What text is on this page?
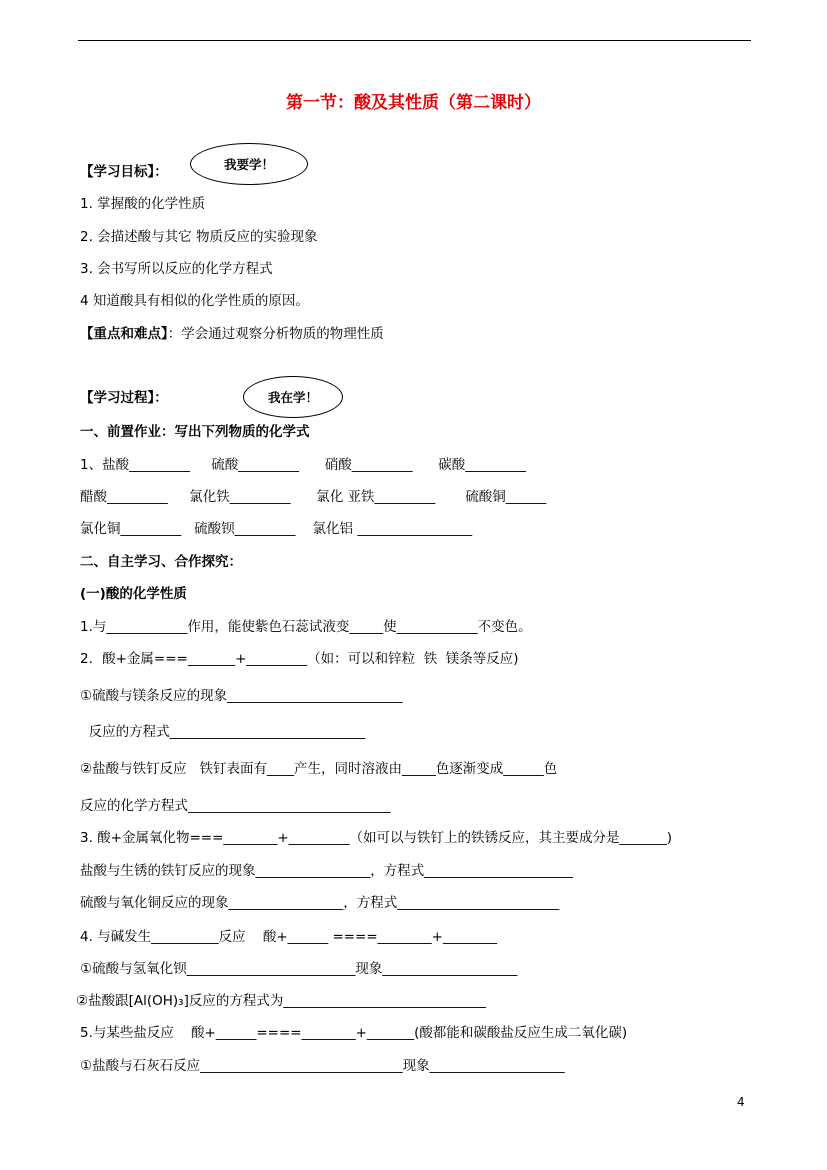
第一节：酸及其性质（第二课时）
【学习目标】：	我要学！
1. 掌握酸的化学性质
2. 会描述酸与其它 物质反应的实验现象
3. 会书写所以反应的化学方程式
4 知道酸具有相似的化学性质的原因。
【重点和难点】：学会通过观察分析物质的物理性质
【学习过程】：	我在学！
一、前置作业：写出下列物质的化学式
1、盐酸_________     硫酸_________      硝酸_________      碳酸_________
醋酸_________     氯化铁_________      氯化 亚铁_________       硫酸铜______
氯化铜_________   硫酸钡_________    氯化铝 _________________
二、自主学习、合作探究：
(一)酸的化学性质
1.与____________作用，能使紫色石蕊试液变_____使____________不变色。
2．酸+金属===_______+_________（如：可以和锌粒  铁  镁条等反应)
①硫酸与镁条反应的现象__________________________
反应的方程式_____________________________
②盐酸与铁钉反应   铁钉表面有____产生，同时溶液由_____色逐渐变成______色
反应的化学方程式______________________________
3. 酸+金属氧化物===________+_________（如可以与铁钉上的铁锈反应，其主要成分是_______)
盐酸与生锈的铁钉反应的现象_________________，方程式______________________
硫酸与氧化铜反应的现象_________________，方程式________________________
4. 与碱发生__________反应    酸+______ ====________+________
①硫酸与氢氧化钡_________________________现象____________________
②盐酸跟[Al(OH)₃]反应的方程式为______________________________
5.与某些盐反应    酸+______====________+_______(酸都能和碳酸盐反应生成二氧化碳)
①盐酸与石灰石反应______________________________现象____________________
4
